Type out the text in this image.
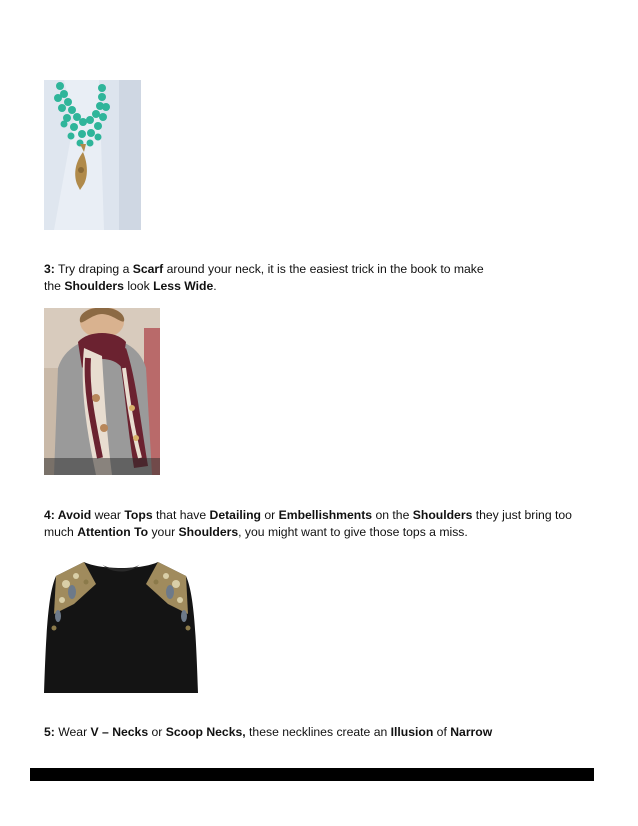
3: Try draping a Scarf around your neck, it is the easiest trick in the book to make
the Shoulders look Less Wide.

4: Avoid wear Tops that have Detailing or Embellishments on the Shoulders they just bring too
much Attention To your Shoulders, you might want to give those tops a miss.

5: Wear V – Necks or Scoop Necks, these necklines create an Illusion of Narrow
